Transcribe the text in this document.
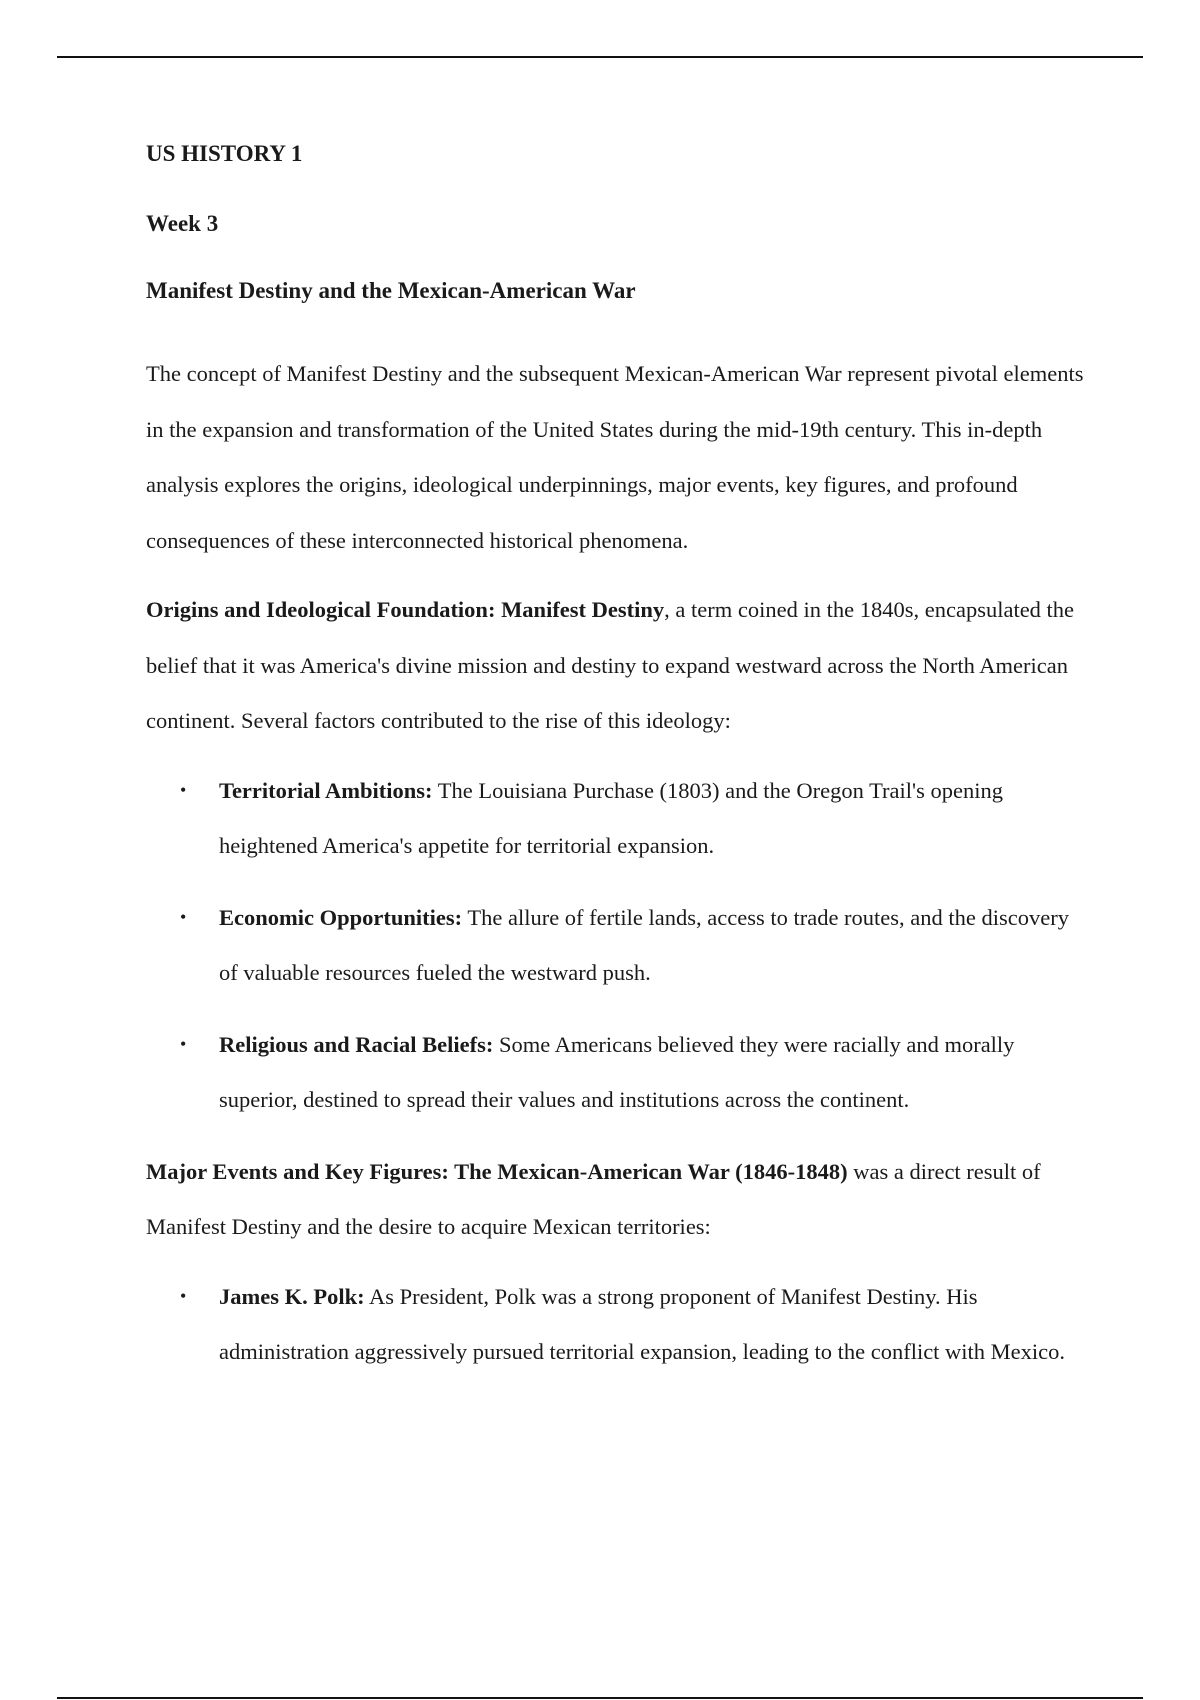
US HISTORY 1

Week 3

Manifest Destiny and the Mexican-American War

The concept of Manifest Destiny and the subsequent Mexican-American War represent pivotal elements in the expansion and transformation of the United States during the mid-19th century. This in-depth analysis explores the origins, ideological underpinnings, major events, key figures, and profound consequences of these interconnected historical phenomena.

Origins and Ideological Foundation: Manifest Destiny, a term coined in the 1840s, encapsulated the belief that it was America's divine mission and destiny to expand westward across the North American continent. Several factors contributed to the rise of this ideology:

• Territorial Ambitions: The Louisiana Purchase (1803) and the Oregon Trail's opening heightened America's appetite for territorial expansion.
• Economic Opportunities: The allure of fertile lands, access to trade routes, and the discovery of valuable resources fueled the westward push.
• Religious and Racial Beliefs: Some Americans believed they were racially and morally superior, destined to spread their values and institutions across the continent.

Major Events and Key Figures: The Mexican-American War (1846-1848) was a direct result of Manifest Destiny and the desire to acquire Mexican territories:

• James K. Polk: As President, Polk was a strong proponent of Manifest Destiny. His administration aggressively pursued territorial expansion, leading to the conflict with Mexico.
